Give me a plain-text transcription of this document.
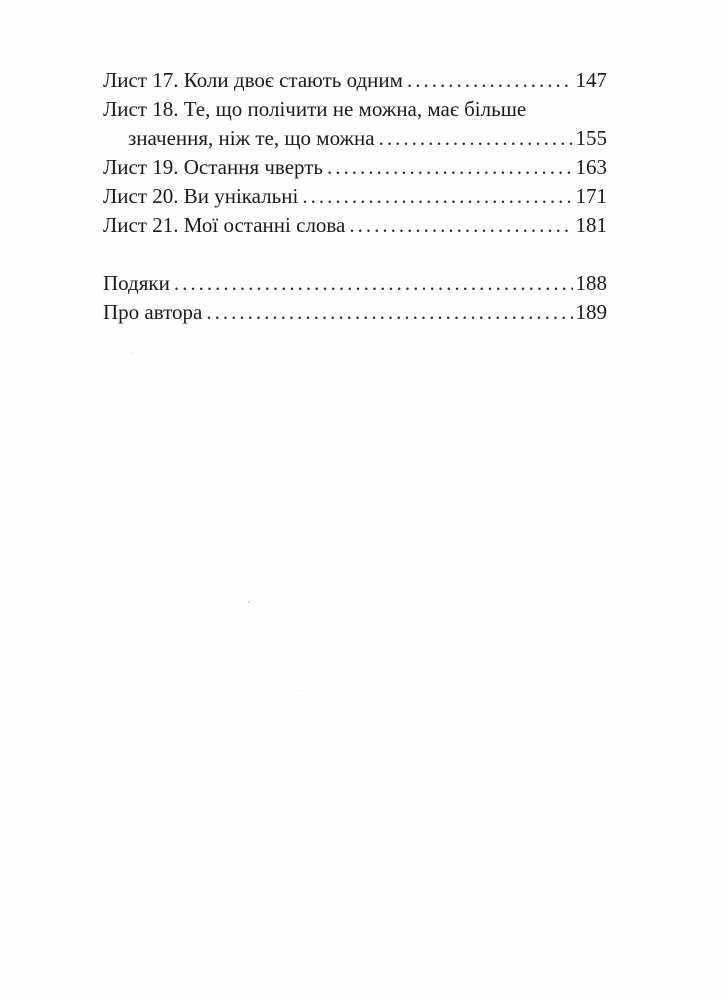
Лист 17. Коли двоє стають одним .....	147
Лист 18. Те, що полічити не можна, має більше
значення, ніж те, що можна .....	155
Лист 19. Остання чверть .....	163
Лист 20. Ви унікальні .....	171
Лист 21. Мої останні слова .....	181
Подяки .....	188
Про автора .....	189
